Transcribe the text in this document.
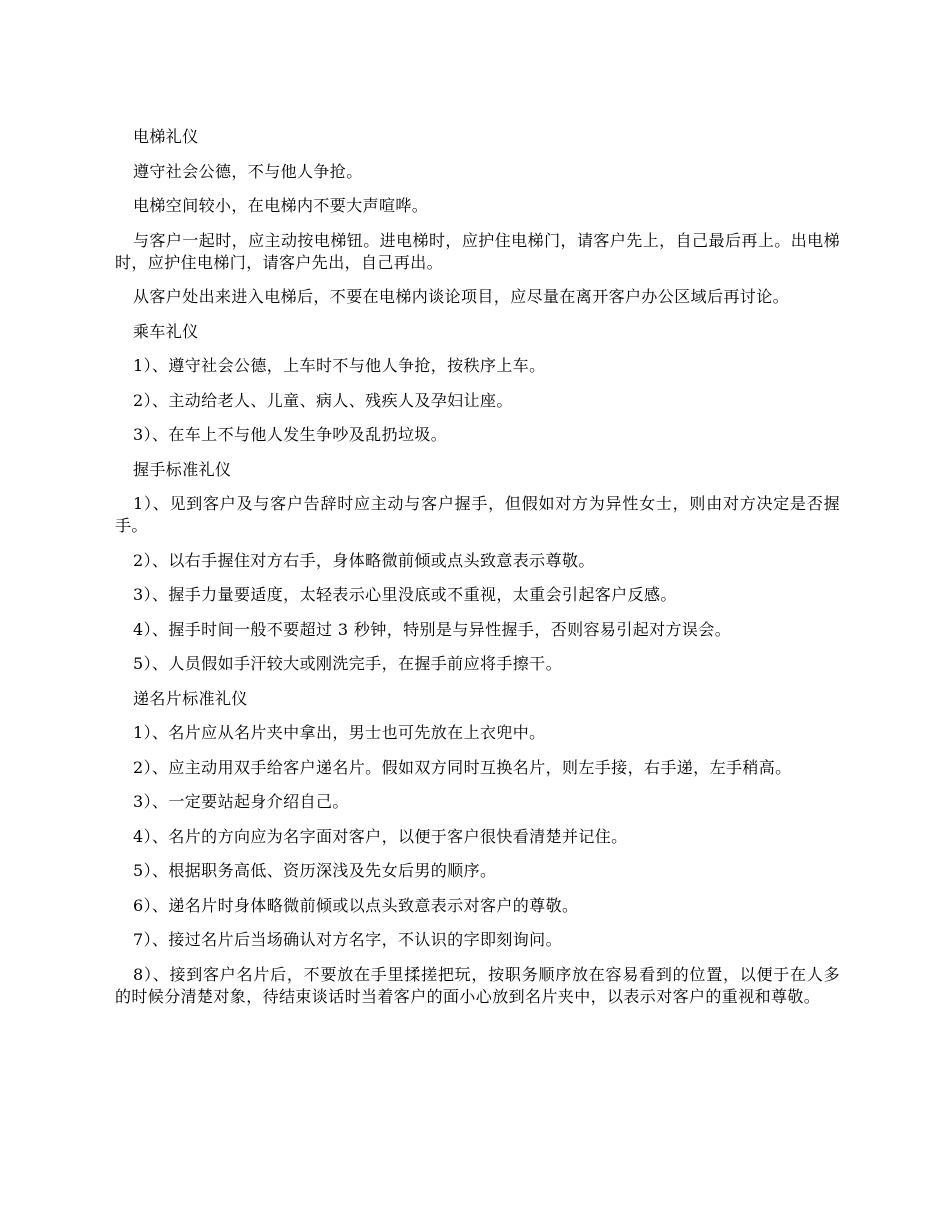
电梯礼仪

遵守社会公德，不与他人争抢。

电梯空间较小，在电梯内不要大声喧哗。

与客户一起时，应主动按电梯钮。进电梯时，应护住电梯门，请客户先上，自己最后再上。出电梯时，应护住电梯门，请客户先出，自己再出。

从客户处出来进入电梯后，不要在电梯内谈论项目，应尽量在离开客户办公区域后再讨论。

乘车礼仪

1）、遵守社会公德，上车时不与他人争抢，按秩序上车。

2）、主动给老人、儿童、病人、残疾人及孕妇让座。

3）、在车上不与他人发生争吵及乱扔垃圾。

握手标准礼仪

1）、见到客户及与客户告辞时应主动与客户握手，但假如对方为异性女士，则由对方决定是否握手。

2）、以右手握住对方右手，身体略微前倾或点头致意表示尊敬。

3）、握手力量要适度，太轻表示心里没底或不重视，太重会引起客户反感。

4）、握手时间一般不要超过 3 秒钟，特别是与异性握手，否则容易引起对方误会。

5）、人员假如手汗较大或刚洗完手，在握手前应将手擦干。

递名片标准礼仪

1）、名片应从名片夹中拿出，男士也可先放在上衣兜中。

2）、应主动用双手给客户递名片。假如双方同时互换名片，则左手接，右手递，左手稍高。

3）、一定要站起身介绍自己。

4）、名片的方向应为名字面对客户，以便于客户很快看清楚并记住。

5）、根据职务高低、资历深浅及先女后男的顺序。

6）、递名片时身体略微前倾或以点头致意表示对客户的尊敬。

7）、接过名片后当场确认对方名字，不认识的字即刻询问。

8）、接到客户名片后，不要放在手里揉搓把玩，按职务顺序放在容易看到的位置，以便于在人多的时候分清楚对象，待结束谈话时当着客户的面小心放到名片夹中，以表示对客户的重视和尊敬。
